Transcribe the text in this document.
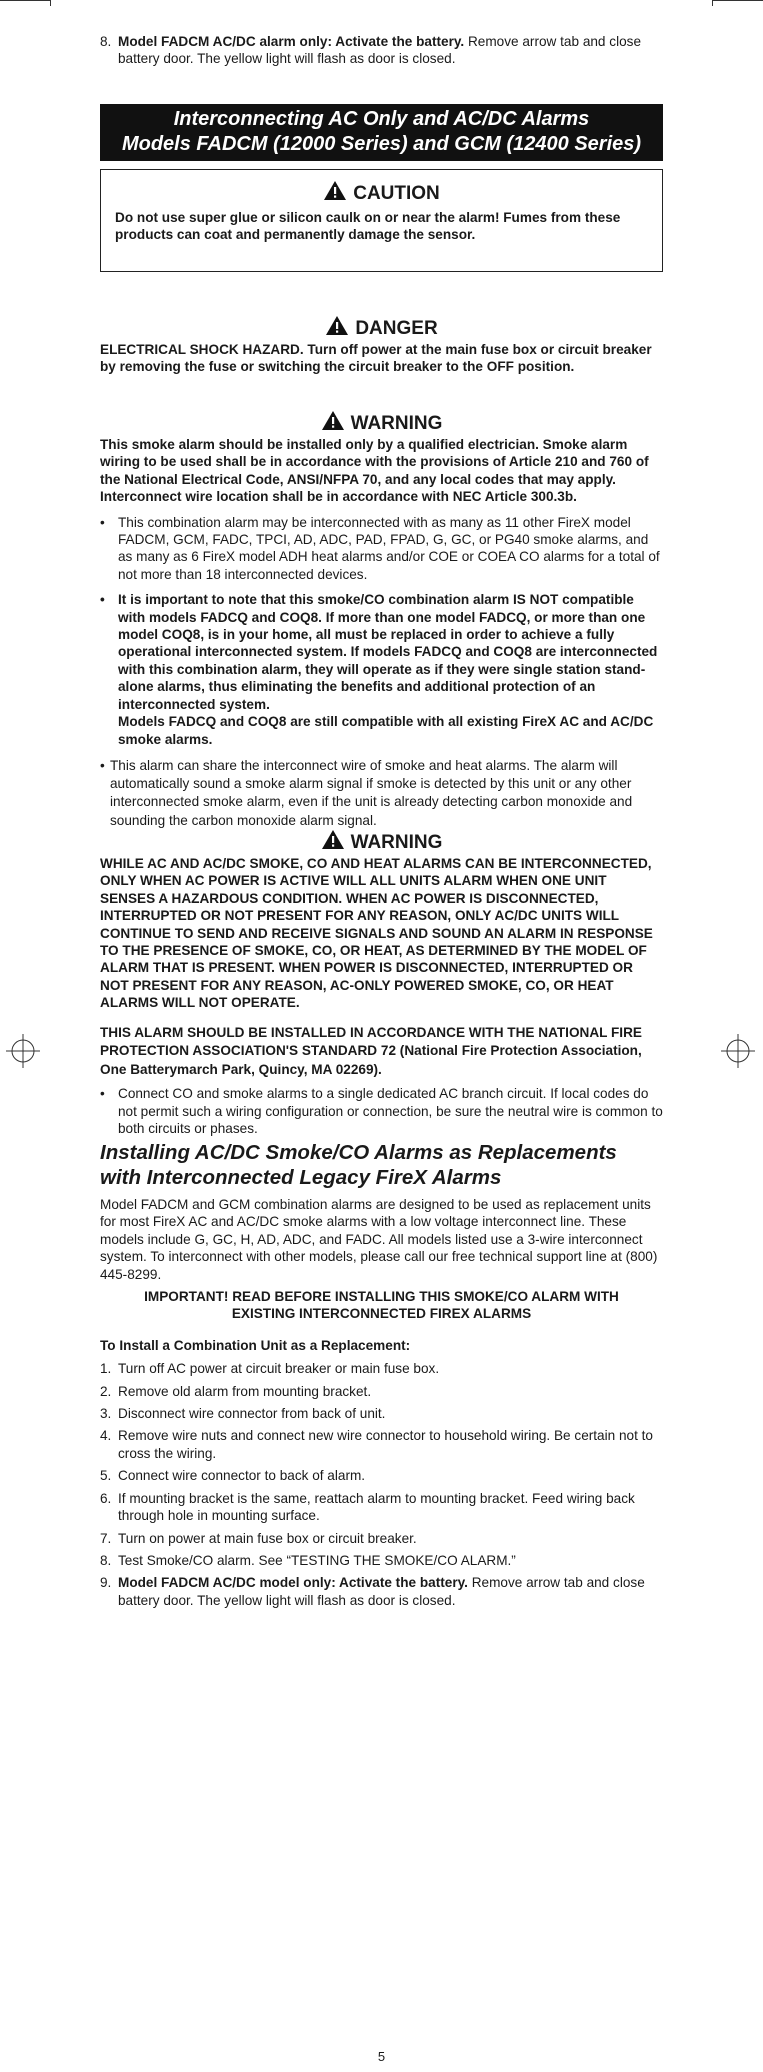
8. Model FADCM AC/DC alarm only: Activate the battery. Remove arrow tab and close battery door. The yellow light will flash as door is closed.
Interconnecting AC Only and AC/DC Alarms
Models FADCM (12000 Series) and GCM (12400 Series)
CAUTION

Do not use super glue or silicon caulk on or near the alarm! Fumes from these products can coat and permanently damage the sensor.

DANGER

ELECTRICAL SHOCK HAZARD. Turn off power at the main fuse box or circuit breaker by removing the fuse or switching the circuit breaker to the OFF position.

WARNING

This smoke alarm should be installed only by a qualified electrician. Smoke alarm wiring to be used shall be in accordance with the provisions of Article 210 and 760 of the National Electrical Code, ANSI/NFPA 70, and any local codes that may apply. Interconnect wire location shall be in accordance with NEC Article 300.3b.

• This combination alarm may be interconnected with as many as 11 other FireX model FADCM, GCM, FADC, TPCI, AD, ADC, PAD, FPAD, G, GC, or PG40 smoke alarms, and as many as 6 FireX model ADH heat alarms and/or COE or COEA CO alarms for a total of not more than 18 interconnected devices.
• It is important to note that this smoke/CO combination alarm IS NOT compatible with models FADCQ and COQ8. If more than one model FADCQ, or more than one model COQ8, is in your home, all must be replaced in order to achieve a fully operational interconnected system. If models FADCQ and COQ8 are interconnected with this combination alarm, they will operate as if they were single station stand-alone alarms, thus eliminating the benefits and additional protection of an interconnected system.
Models FADCQ and COQ8 are still compatible with all existing FireX AC and AC/DC smoke alarms.
• This alarm can share the interconnect wire of smoke and heat alarms. The alarm will automatically sound a smoke alarm signal if smoke is detected by this unit or any other interconnected smoke alarm, even if the unit is already detecting carbon monoxide and sounding the carbon monoxide alarm signal.
WARNING

WHILE AC AND AC/DC SMOKE, CO AND HEAT ALARMS CAN BE INTERCONNECTED, ONLY WHEN AC POWER IS ACTIVE WILL ALL UNITS ALARM WHEN ONE UNIT SENSES A HAZARDOUS CONDITION. WHEN AC POWER IS DISCONNECTED, INTERRUPTED OR NOT PRESENT FOR ANY REASON, ONLY AC/DC UNITS WILL CONTINUE TO SEND AND RECEIVE SIGNALS AND SOUND AN ALARM IN RESPONSE TO THE PRESENCE OF SMOKE, CO, OR HEAT, AS DETERMINED BY THE MODEL OF ALARM THAT IS PRESENT. WHEN POWER IS DISCONNECTED, INTERRUPTED OR NOT PRESENT FOR ANY REASON, AC-ONLY POWERED SMOKE, CO, OR HEAT ALARMS WILL NOT OPERATE.

THIS ALARM SHOULD BE INSTALLED IN ACCORDANCE WITH THE NATIONAL FIRE PROTECTION ASSOCIATION'S STANDARD 72 (National Fire Protection Association, One Batterymarch Park, Quincy, MA 02269).

• Connect CO and smoke alarms to a single dedicated AC branch circuit. If local codes do not permit such a wiring configuration or connection, be sure the neutral wire is common to both circuits or phases.
Installing AC/DC Smoke/CO Alarms as Replacements
with Interconnected Legacy FireX Alarms

Model FADCM and GCM combination alarms are designed to be used as replacement units for most FireX AC and AC/DC smoke alarms with a low voltage interconnect line. These models include G, GC, H, AD, ADC, and FADC. All models listed use a 3-wire interconnect system. To interconnect with other models, please call our free technical support line at (800) 445-8299.

IMPORTANT! READ BEFORE INSTALLING THIS SMOKE/CO ALARM WITH
EXISTING INTERCONNECTED FIREX ALARMS

To Install a Combination Unit as a Replacement:

1. Turn off AC power at circuit breaker or main fuse box.
2. Remove old alarm from mounting bracket.
3. Disconnect wire connector from back of unit.
4. Remove wire nuts and connect new wire connector to household wiring. Be certain not to cross the wiring.
5. Connect wire connector to back of alarm.
6. If mounting bracket is the same, reattach alarm to mounting bracket. Feed wiring back through hole in mounting surface.
7. Turn on power at main fuse box or circuit breaker.
8. Test Smoke/CO alarm. See “TESTING THE SMOKE/CO ALARM.”
9. Model FADCM AC/DC model only: Activate the battery. Remove arrow tab and close battery door. The yellow light will flash as door is closed.
5
